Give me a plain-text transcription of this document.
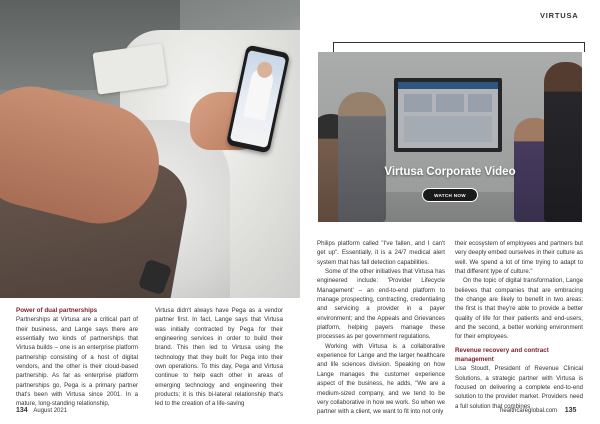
Power of dual partnerships

Partnerships at Virtusa are a critical part of their business, and Lange says there are essentially two kinds of partnerships that Virtusa builds – one is an enterprise platform partnership consisting of a host of digital vendors, and the other is their cloud-based partnership. As far as enterprise platform partnerships go, Pega is a primary partner that's been with Virtusa since 2001. In a mature, long-standing relationship,

Virtusa didn't always have Pega as a vendor partner first. In fact, Lange says that Virtusa was initially contracted by Pega for their engineering services in order to build their brand. This then led to Virtusa using the technology that they built for Pega into their own operations. To this day, Pega and Virtusa continue to help each other in areas of emerging technology and engineering their products; it is this bi-lateral relationship that's led to the creation of a life-saving

VIRTUSA
Virtusa Corporate Video
WATCH NOW

Philips platform called "I've fallen, and I can't get up". Essentially, it is a 24/7 medical alert system that has fall detection capabilities.

Some of the other initiatives that Virtusa has engineered include: 'Provider Lifecycle Management' – an end-to-end platform to manage prospecting, contracting, credentialing and servicing a provider in a payer environment; and the Appeals and Grievances platform, helping payers manage these processes as per government regulations.

Working with Virtusa is a collaborative experience for Lange and the larger healthcare and life sciences division. Speaking on how Lange manages the customer experience aspect of the business, he adds, "We are a medium-sized company, and we tend to be very collaborative in how we work. So when we partner with a client, we want to fit into not only

their ecosystem of employees and partners but very deeply embed ourselves in their culture as well. We spend a lot of time trying to adapt to that different type of culture."

On the topic of digital transformation, Lange believes that companies that are embracing the change are likely to benefit in two areas: the first is that they're able to provide a better quality of life for their patients and end-users, and the second, a better working environment for their employees.

Revenue recovery and contract management

Lisa Stoudt, President of Revenue Clinical Solutions, a strategic partner with Virtusa is focused on delivering a complete end-to-end solution to the provider market. Providers need a full solution that combines

134 August 2021	healthcareglobal.com 135
